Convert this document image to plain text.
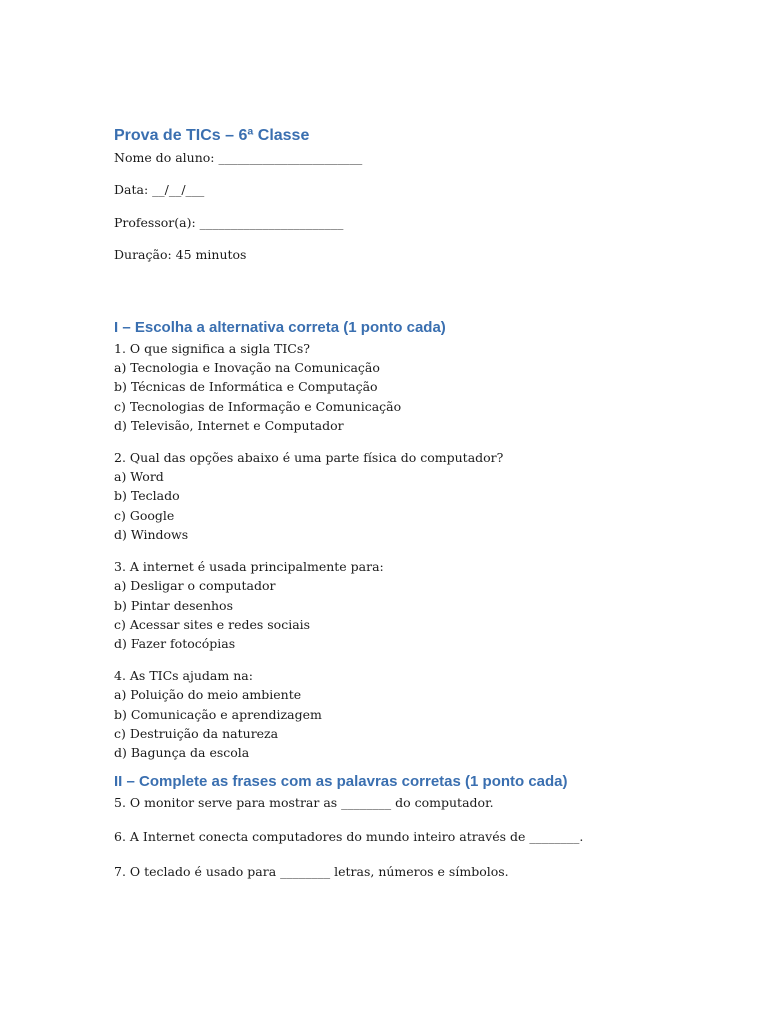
Prova de TICs – 6ª Classe

Nome do aluno: _______________________

Data: __/__/___

Professor(a): _______________________

Duração: 45 minutos

I – Escolha a alternativa correta (1 ponto cada)

1. O que significa a sigla TICs?

a) Tecnologia e Inovação na Comunicação

b) Técnicas de Informática e Computação

c) Tecnologias de Informação e Comunicação

d) Televisão, Internet e Computador

2. Qual das opções abaixo é uma parte física do computador?

a) Word

b) Teclado

c) Google

d) Windows

3. A internet é usada principalmente para:

a) Desligar o computador

b) Pintar desenhos

c) Acessar sites e redes sociais

d) Fazer fotocópias

4. As TICs ajudam na:

a) Poluição do meio ambiente

b) Comunicação e aprendizagem

c) Destruição da natureza

d) Bagunça da escola

II – Complete as frases com as palavras corretas (1 ponto cada)

5. O monitor serve para mostrar as ________ do computador.

6. A Internet conecta computadores do mundo inteiro através de ________.

7. O teclado é usado para ________ letras, números e símbolos.
